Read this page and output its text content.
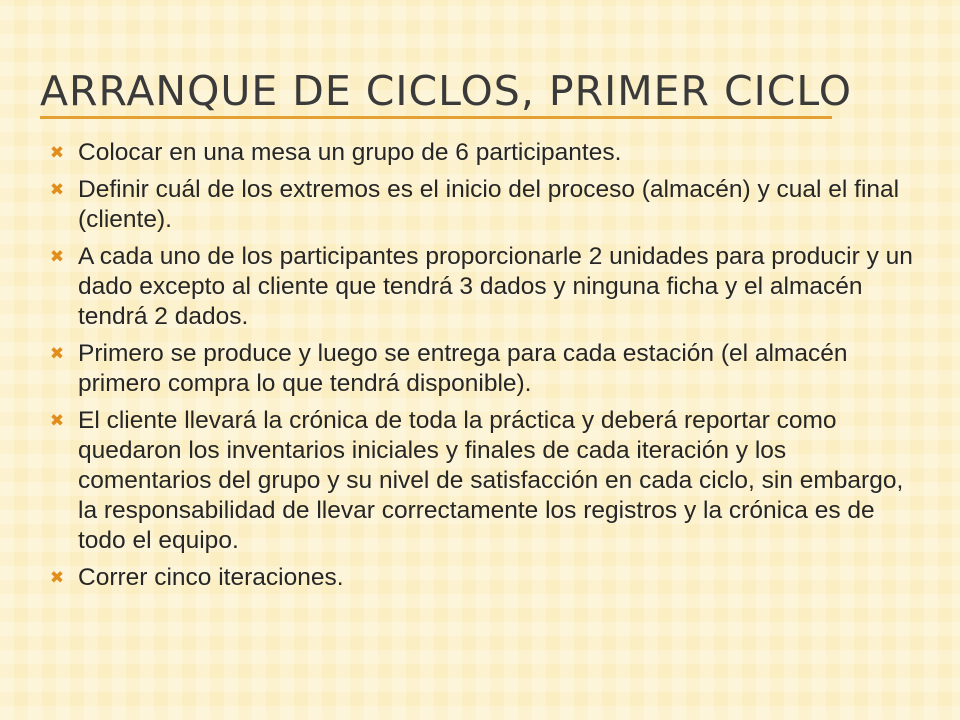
ARRANQUE DE CICLOS, PRIMER CICLO
✖ Colocar en una mesa un grupo de 6 participantes.
✖ Definir cuál de los extremos es el inicio del proceso (almacén) y cual el final (cliente).
✖ A cada uno de los participantes proporcionarle 2 unidades para producir y un dado excepto al cliente que tendrá 3 dados y ninguna ficha y el almacén tendrá 2 dados.
✖ Primero se produce y luego se entrega para cada estación (el almacén primero compra lo que tendrá disponible).
✖ El cliente llevará la crónica de toda la práctica y deberá reportar como quedaron los inventarios iniciales y finales de cada iteración y los comentarios del grupo y su nivel de satisfacción en cada ciclo, sin embargo, la responsabilidad de llevar correctamente los registros y la crónica es de todo el equipo.
✖ Correr cinco iteraciones.
